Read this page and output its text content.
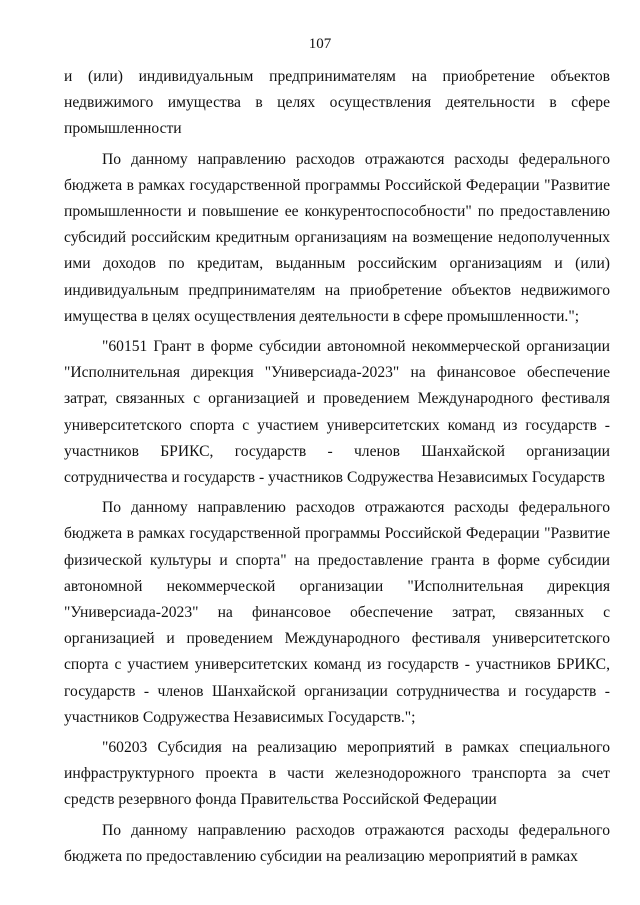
107

и (или) индивидуальным предпринимателям на приобретение объектов недвижимого имущества в целях осуществления деятельности в сфере промышленности

По данному направлению расходов отражаются расходы федерального бюджета в рамках государственной программы Российской Федерации "Развитие промышленности и повышение ее конкурентоспособности" по предоставлению субсидий российским кредитным организациям на возмещение недополученных ими доходов по кредитам, выданным российским организациям и (или) индивидуальным предпринимателям на приобретение объектов недвижимого имущества в целях осуществления деятельности в сфере промышленности.";

"60151 Грант в форме субсидии автономной некоммерческой организации "Исполнительная дирекция "Универсиада-2023" на финансовое обеспечение затрат, связанных с организацией и проведением Международного фестиваля университетского спорта с участием университетских команд из государств - участников БРИКС, государств - членов Шанхайской организации сотрудничества и государств - участников Содружества Независимых Государств

По данному направлению расходов отражаются расходы федерального бюджета в рамках государственной программы Российской Федерации "Развитие физической культуры и спорта" на предоставление гранта в форме субсидии автономной некоммерческой организации "Исполнительная дирекция "Универсиада-2023" на финансовое обеспечение затрат, связанных с организацией и проведением Международного фестиваля университетского спорта с участием университетских команд из государств - участников БРИКС, государств - членов Шанхайской организации сотрудничества и государств - участников Содружества Независимых Государств.";

"60203 Субсидия на реализацию мероприятий в рамках специального инфраструктурного проекта в части железнодорожного транспорта за счет средств резервного фонда Правительства Российской Федерации

По данному направлению расходов отражаются расходы федерального бюджета по предоставлению субсидии на реализацию мероприятий в рамках
